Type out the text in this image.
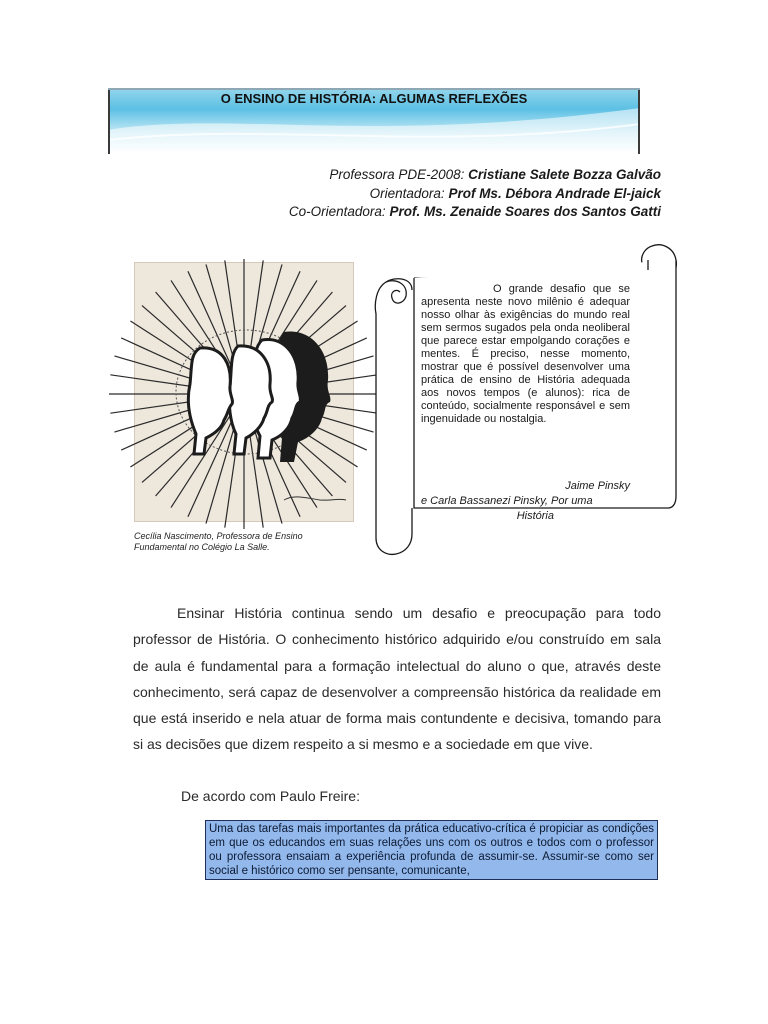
O ENSINO DE HISTÓRIA: ALGUMAS REFLEXÕES
Professora PDE-2008: Cristiane Salete Bozza Galvão
Orientadora: Prof Ms. Débora Andrade El-jaick
Co-Orientadora: Prof. Ms. Zenaide Soares dos Santos Gatti
Cecília Nascimento, Professora de Ensino
Fundamental no Colégio La Salle.
O grande desafio que se apresenta neste novo milênio é adequar nosso olhar às exigências do mundo real sem sermos sugados pela onda neoliberal que parece estar empolgando corações e mentes. É preciso, nesse momento, mostrar que é possível desenvolver uma prática de ensino de História adequada aos novos tempos (e alunos): rica de conteúdo, socialmente responsável e sem ingenuidade ou nostalgia.
Jaime Pinsky
e Carla Bassanezi Pinsky, Por uma
História
Ensinar História continua sendo um desafio e preocupação para todo professor de História. O conhecimento histórico adquirido e/ou construído em sala de aula é fundamental para a formação intelectual do aluno o que, através deste conhecimento, será capaz de desenvolver a compreensão histórica da realidade em que está inserido e nela atuar de forma mais contundente e decisiva, tomando para si as decisões que dizem respeito a si mesmo e a sociedade em que vive.
De acordo com Paulo Freire:

Uma das tarefas mais importantes da prática educativo-crítica é propiciar as condições em que os educandos em suas relações uns com os outros e todos com o professor ou professora ensaiam a experiência profunda de assumir-se. Assumir-se como ser social e histórico como ser pensante, comunicante,
